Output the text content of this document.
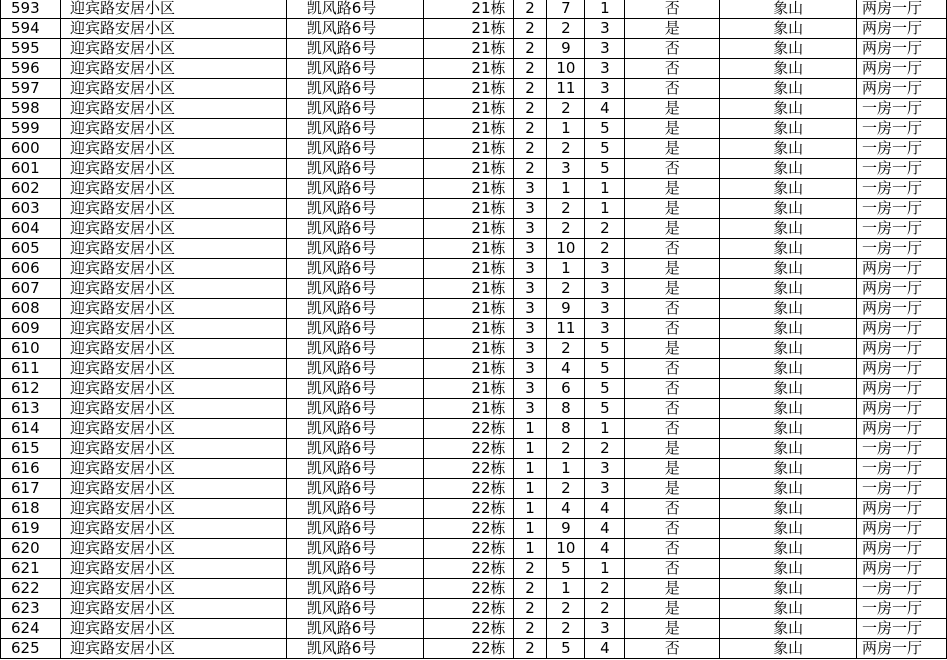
593	迎宾路安居小区	凯风路6号	21栋	2	7	1	否	象山	两房一厅
594	迎宾路安居小区	凯风路6号	21栋	2	2	3	是	象山	两房一厅
595	迎宾路安居小区	凯风路6号	21栋	2	9	3	否	象山	两房一厅
596	迎宾路安居小区	凯风路6号	21栋	2	10	3	否	象山	两房一厅
597	迎宾路安居小区	凯风路6号	21栋	2	11	3	否	象山	两房一厅
598	迎宾路安居小区	凯风路6号	21栋	2	2	4	是	象山	一房一厅
599	迎宾路安居小区	凯风路6号	21栋	2	1	5	是	象山	一房一厅
600	迎宾路安居小区	凯风路6号	21栋	2	2	5	是	象山	一房一厅
601	迎宾路安居小区	凯风路6号	21栋	2	3	5	否	象山	一房一厅
602	迎宾路安居小区	凯风路6号	21栋	3	1	1	是	象山	一房一厅
603	迎宾路安居小区	凯风路6号	21栋	3	2	1	是	象山	一房一厅
604	迎宾路安居小区	凯风路6号	21栋	3	2	2	是	象山	一房一厅
605	迎宾路安居小区	凯风路6号	21栋	3	10	2	否	象山	一房一厅
606	迎宾路安居小区	凯风路6号	21栋	3	1	3	是	象山	两房一厅
607	迎宾路安居小区	凯风路6号	21栋	3	2	3	是	象山	两房一厅
608	迎宾路安居小区	凯风路6号	21栋	3	9	3	否	象山	两房一厅
609	迎宾路安居小区	凯风路6号	21栋	3	11	3	否	象山	两房一厅
610	迎宾路安居小区	凯风路6号	21栋	3	2	5	是	象山	两房一厅
611	迎宾路安居小区	凯风路6号	21栋	3	4	5	否	象山	两房一厅
612	迎宾路安居小区	凯风路6号	21栋	3	6	5	否	象山	两房一厅
613	迎宾路安居小区	凯风路6号	21栋	3	8	5	否	象山	两房一厅
614	迎宾路安居小区	凯风路6号	22栋	1	8	1	否	象山	两房一厅
615	迎宾路安居小区	凯风路6号	22栋	1	2	2	是	象山	一房一厅
616	迎宾路安居小区	凯风路6号	22栋	1	1	3	是	象山	一房一厅
617	迎宾路安居小区	凯风路6号	22栋	1	2	3	是	象山	一房一厅
618	迎宾路安居小区	凯风路6号	22栋	1	4	4	否	象山	两房一厅
619	迎宾路安居小区	凯风路6号	22栋	1	9	4	否	象山	两房一厅
620	迎宾路安居小区	凯风路6号	22栋	1	10	4	否	象山	两房一厅
621	迎宾路安居小区	凯风路6号	22栋	2	5	1	否	象山	两房一厅
622	迎宾路安居小区	凯风路6号	22栋	2	1	2	是	象山	一房一厅
623	迎宾路安居小区	凯风路6号	22栋	2	2	2	是	象山	一房一厅
624	迎宾路安居小区	凯风路6号	22栋	2	2	3	是	象山	一房一厅
625	迎宾路安居小区	凯风路6号	22栋	2	5	4	否	象山	两房一厅
